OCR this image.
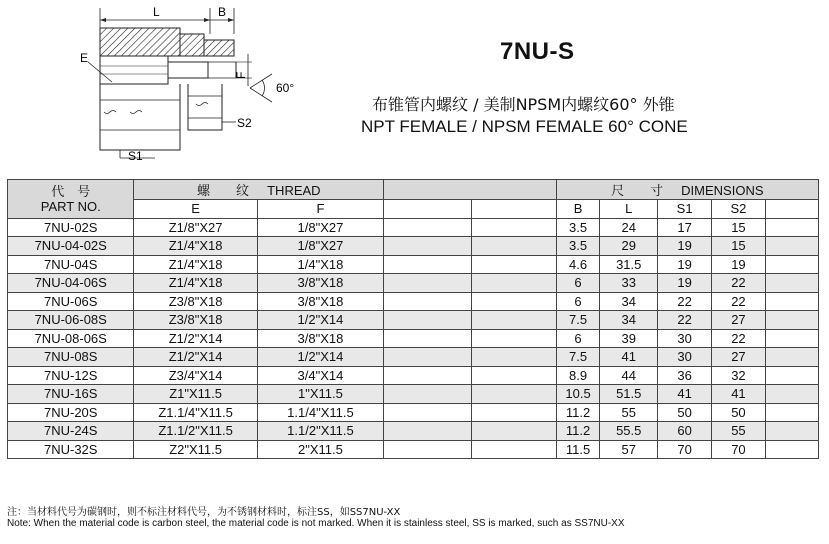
L	B
60°
F
E
S2
S1
7NU-S
布锥管内螺纹 / 美制NPSM内螺纹60° 外锥
NPT FEMALE / NPSM FEMALE 60° CONE
代　号
PART NO.	螺　　纹 THREAD				尺　　寸 DIMENSIONS				
	E	F			B	L	S1	S2	
7NU-02S	Z1/8"X27	1/8"X27			3.5	24	17	15	
7NU-04-02S	Z1/4"X18	1/8"X27			3.5	29	19	15	
7NU-04S	Z1/4"X18	1/4"X18			4.6	31.5	19	19	
7NU-04-06S	Z1/4"X18	3/8"X18			6	33	19	22	
7NU-06S	Z3/8"X18	3/8"X18			6	34	22	22	
7NU-06-08S	Z3/8"X18	1/2"X14			7.5	34	22	27	
7NU-08-06S	Z1/2"X14	3/8"X18			6	39	30	22	
7NU-08S	Z1/2"X14	1/2"X14			7.5	41	30	27	
7NU-12S	Z3/4"X14	3/4"X14			8.9	44	36	32	
7NU-16S	Z1"X11.5	1"X11.5			10.5	51.5	41	41	
7NU-20S	Z1.1/4"X11.5	1.1/4"X11.5			11.2	55	50	50	
7NU-24S	Z1.1/2"X11.5	1.1/2"X11.5			11.2	55.5	60	55	
7NU-32S	Z2"X11.5	2"X11.5			11.5	57	70	70	
注：当材料代号为碳钢时，则不标注材料代号，为不锈钢材料时，标注SS，如SS7NU-XX
Note: When the material code is carbon steel, the material code is not marked. When it is stainless steel, SS is marked, such as SS7NU-XX
